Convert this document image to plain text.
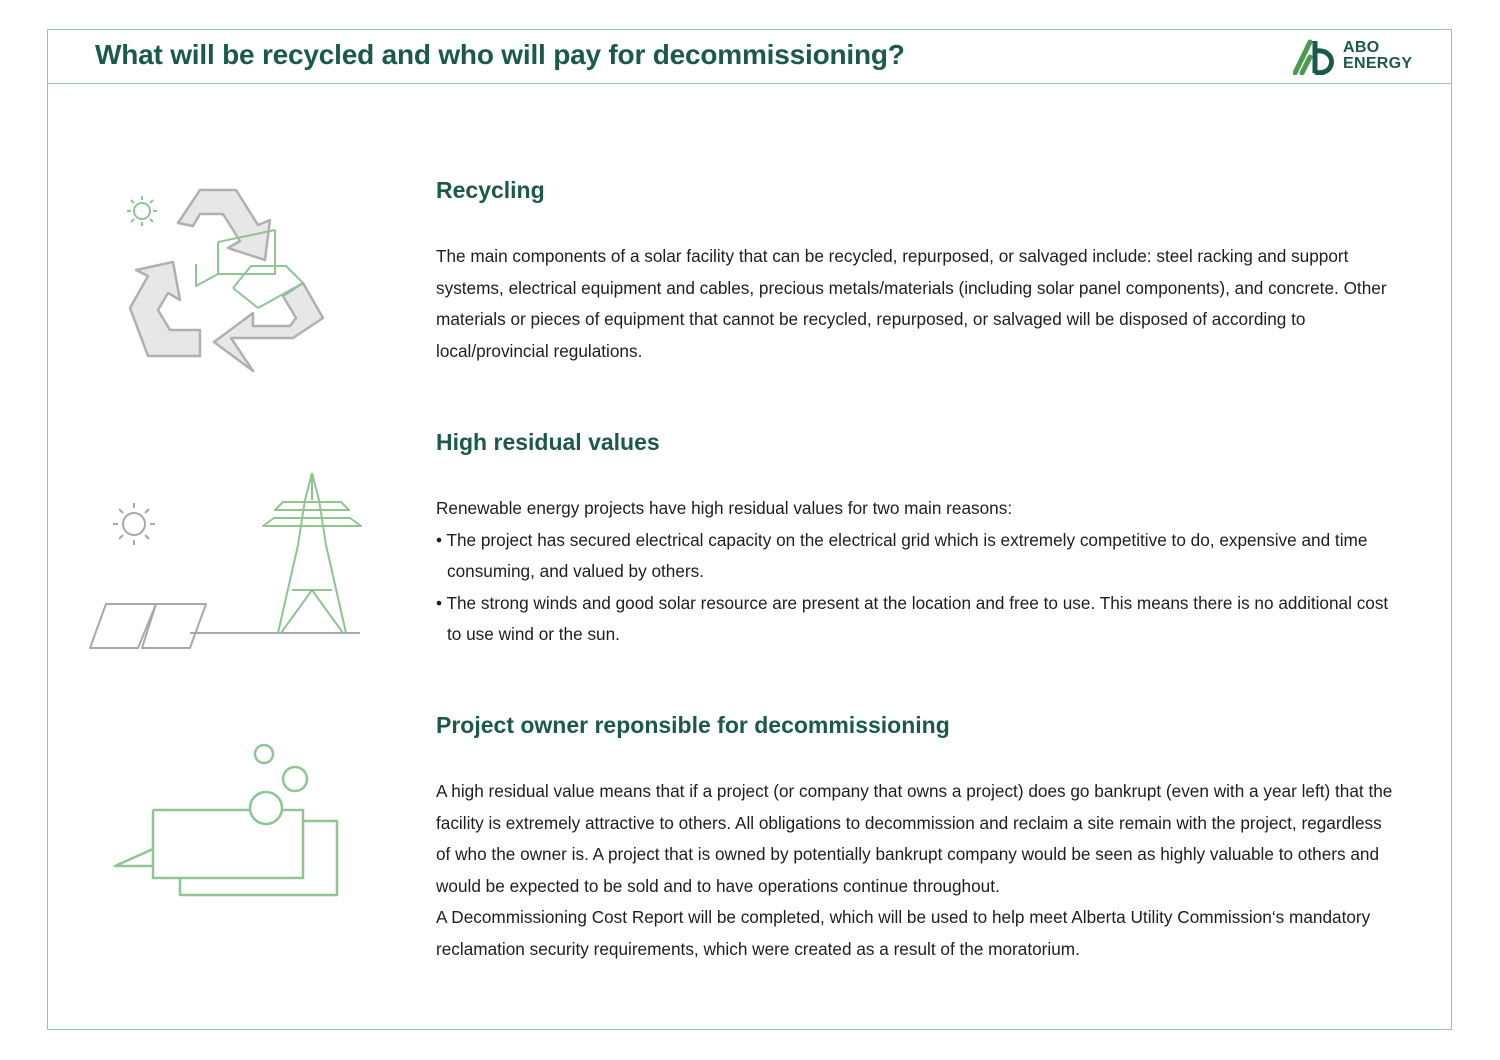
What will be recycled and who will pay for decommissioning?	ABO
ENERGY
Recycling

The main components of a solar facility that can be recycled, repurposed, or salvaged include: steel racking and support systems, electrical equipment and cables, precious metals/materials (including solar panel components), and concrete. Other materials or pieces of equipment that cannot be recycled, repurposed, or salvaged will be disposed of according to local/provincial regulations.

High residual values

Renewable energy projects have high residual values for two main reasons:

• The project has secured electrical capacity on the electrical grid which is extremely competitive to do, expensive and time consuming, and valued by others.

• The strong winds and good solar resource are present at the location and free to use. This means there is no additional cost to use wind or the sun.

Project owner reponsible for decommissioning

A high residual value means that if a project (or company that owns a project) does go bankrupt (even with a year left) that the facility is extremely attractive to others. All obligations to decommission and reclaim a site remain with the project, regardless of who the owner is. A project that is owned by potentially bankrupt company would be seen as highly valuable to others and would be expected to be sold and to have operations continue throughout.

A Decommissioning Cost Report will be completed, which will be used to help meet Alberta Utility Commission‘s mandatory reclamation security requirements, which were created as a result of the moratorium.
